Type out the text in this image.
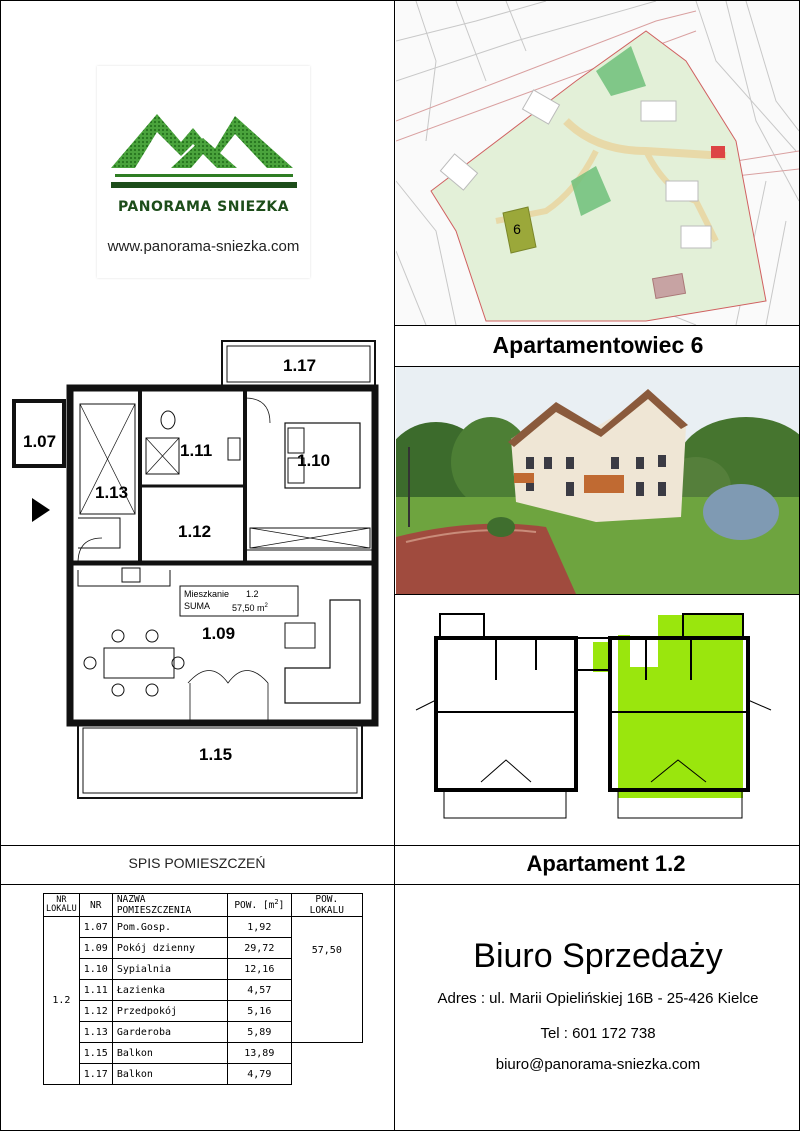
PANORAMA SNIEZKA
www.panorama-sniezka.com
6
Apartamentowiec 6
Apartament 1.2
1.07
1.13
1.11
1.10
1.12
1.09
1.15
1.17
Mieszkanie 1.2
SUMA 57,50 $m^2$
SPIS POMIESZCZEŃ
NR
LOKALU	NR	NAZWA POMIESZCZENIA	POW. $[m^2]$	POW. LOKALU
1.2	1.07	Pom.Gosp.	1,92	57,50
	1.09	Pokój dzienny	29,72	
	1.10	Sypialnia	12,16	
	1.11	Łazienka	4,57	
	1.12	Przedpokój	5,16	
	1.13	Garderoba	5,89	
	1.15	Balkon	13,89	
	1.17	Balkon	4,79	
Biuro Sprzedaży
Adres : ul. Marii Opielińskiej 16B - 25-426 Kielce
Tel : 601 172 738
biuro@panorama-sniezka.com
